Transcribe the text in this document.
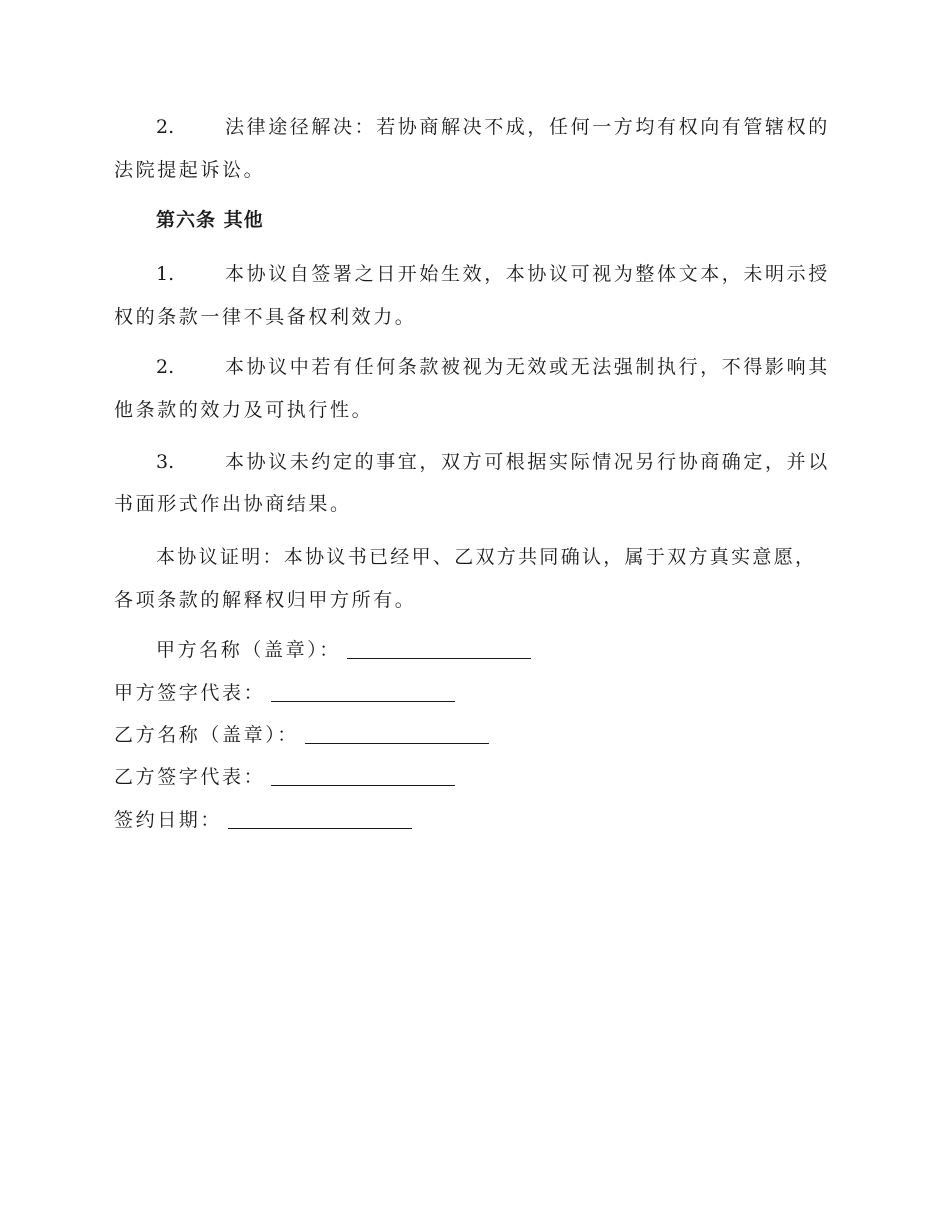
2.	法律途径解决：若协商解决不成，任何一方均有权向有管辖权的
法院提起诉讼。
第六条 其他
1.	本协议自签署之日开始生效，本协议可视为整体文本，未明示授
权的条款一律不具备权利效力。
2.	本协议中若有任何条款被视为无效或无法强制执行，不得影响其
他条款的效力及可执行性。
3.	本协议未约定的事宜，双方可根据实际情况另行协商确定，并以
书面形式作出协商结果。
本协议证明：本协议书已经甲、乙双方共同确认，属于双方真实意愿，
各项条款的解释权归甲方所有。
甲方名称（盖章）：
甲方签字代表：
乙方名称（盖章）：
乙方签字代表：
签约日期：
